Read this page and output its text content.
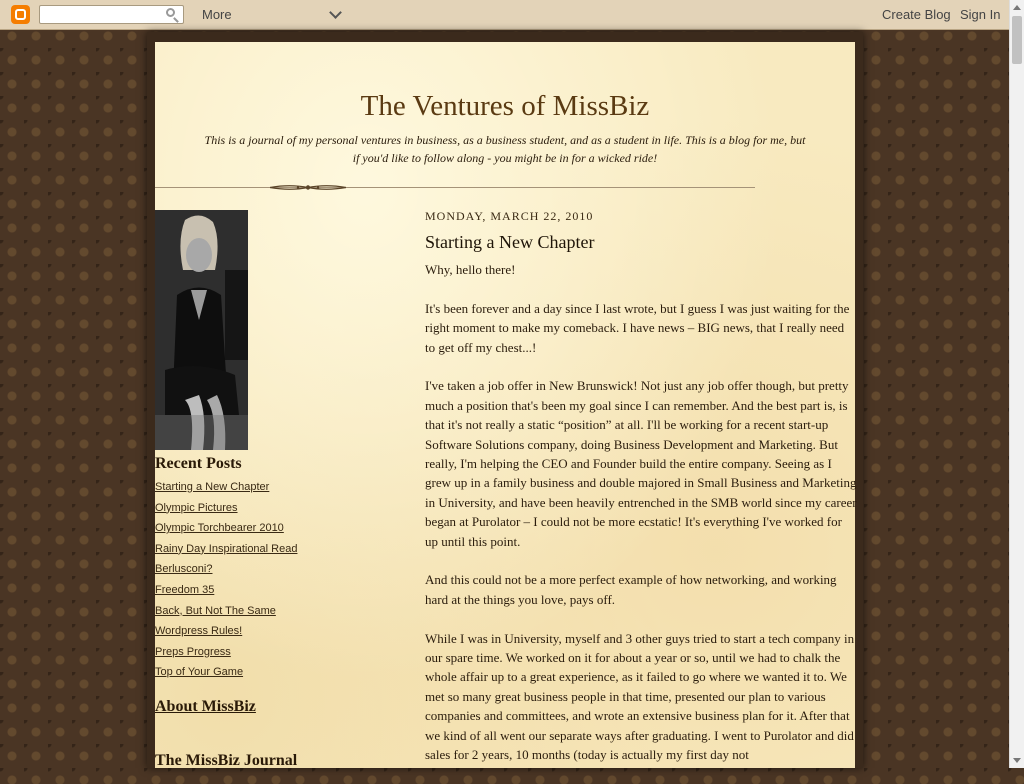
More	Create Blog Sign In
The Ventures of MissBiz
This is a journal of my personal ventures in business, as a business student, and as a student in life. This is a blog for me, but if you'd like to follow along - you might be in for a wicked ride!
Recent Posts
Starting a New Chapter
Olympic Pictures
Olympic Torchbearer 2010
Rainy Day Inspirational Read
Berlusconi?
Freedom 35
Back, But Not The Same
Wordpress Rules!
Preps Progress
Top of Your Game
About MissBiz
The MissBiz Journal
MONDAY, MARCH 22, 2010
Starting a New Chapter

Why, hello there!

It's been forever and a day since I last wrote, but I guess I was just waiting for the right moment to make my comeback. I have news – BIG news, that I really need to get off my chest...!

I've taken a job offer in New Brunswick! Not just any job offer though, but pretty much a position that's been my goal since I can remember. And the best part is, is that it's not really a static “position” at all. I'll be working for a recent start-up Software Solutions company, doing Business Development and Marketing. But really, I'm helping the CEO and Founder build the entire company. Seeing as I grew up in a family business and double majored in Small Business and Marketing in University, and have been heavily entrenched in the SMB world since my career began at Purolator – I could not be more ecstatic! It's everything I've worked for up until this point.

And this could not be a more perfect example of how networking, and working hard at the things you love, pays off.

While I was in University, myself and 3 other guys tried to start a tech company in our spare time. We worked on it for about a year or so, until we had to chalk the whole affair up to a great experience, as it failed to go where we wanted it to. We met so many great business people in that time, presented our plan to various companies and committees, and wrote an extensive business plan for it. After that we kind of all went our separate ways after graduating. I went to Purolator and did sales for 2 years, 10 months (today is actually my first day not
